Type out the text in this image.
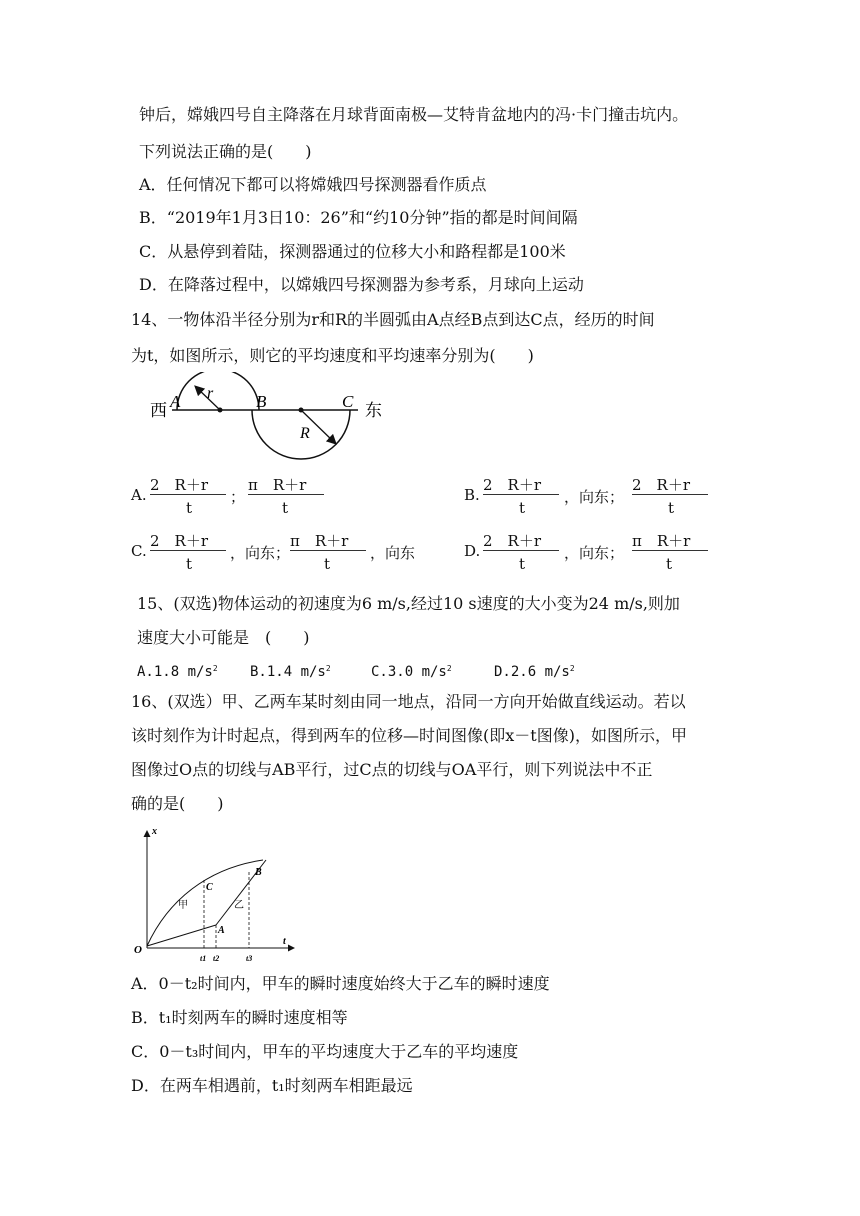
钟后，嫦娥四号自主降落在月球背面南极—艾特肯盆地内的冯·卡门撞击坑内。
下列说法正确的是(　　)
A．任何情况下都可以将嫦娥四号探测器看作质点
B．“2019年1月3日10：26”和“约10分钟”指的都是时间间隔
C．从悬停到着陆，探测器通过的位移大小和路程都是100米
D．在降落过程中，以嫦娥四号探测器为参考系，月球向上运动
14、一物体沿半径分别为r和R的半圆弧由A点经B点到达C点，经历的时间
为t，如图所示，则它的平均速度和平均速率分别为(　　)
西 A r	B	C
R
东
A.
2　R＋r
t
；
π　R＋r
t
B.
2　R＋r
t
，向东；
2　R＋r
t
C.
2　R＋r
t
，向东；
π　R＋r
t
，向东	D.
2　R＋r
t
，向东；
π　R＋r
t
15、(双选)物体运动的初速度为6 m/s,经过10 s速度的大小变为24 m/s,则加
速度大小可能是　(　　)
A.1.8 $m/s^2$ B.1.4 $m/s^2$	C.3.0 $m/s^2$	D.2.6 $m/s^2$
16、(双选）甲、乙两车某时刻由同一地点，沿同一方向开始做直线运动。若以
该时刻作为计时起点，得到两车的位移—时间图像(即x－t图像)，如图所示，甲
图像过O点的切线与AB平行，过C点的切线与OA平行，则下列说法中不正
确的是(　　)
x
t
O
C
B
A
甲	乙
t1 t2	t3
A．0－t₂时间内，甲车的瞬时速度始终大于乙车的瞬时速度
B．t₁时刻两车的瞬时速度相等
C．0－t₃时间内，甲车的平均速度大于乙车的平均速度
D．在两车相遇前，t₁时刻两车相距最远
